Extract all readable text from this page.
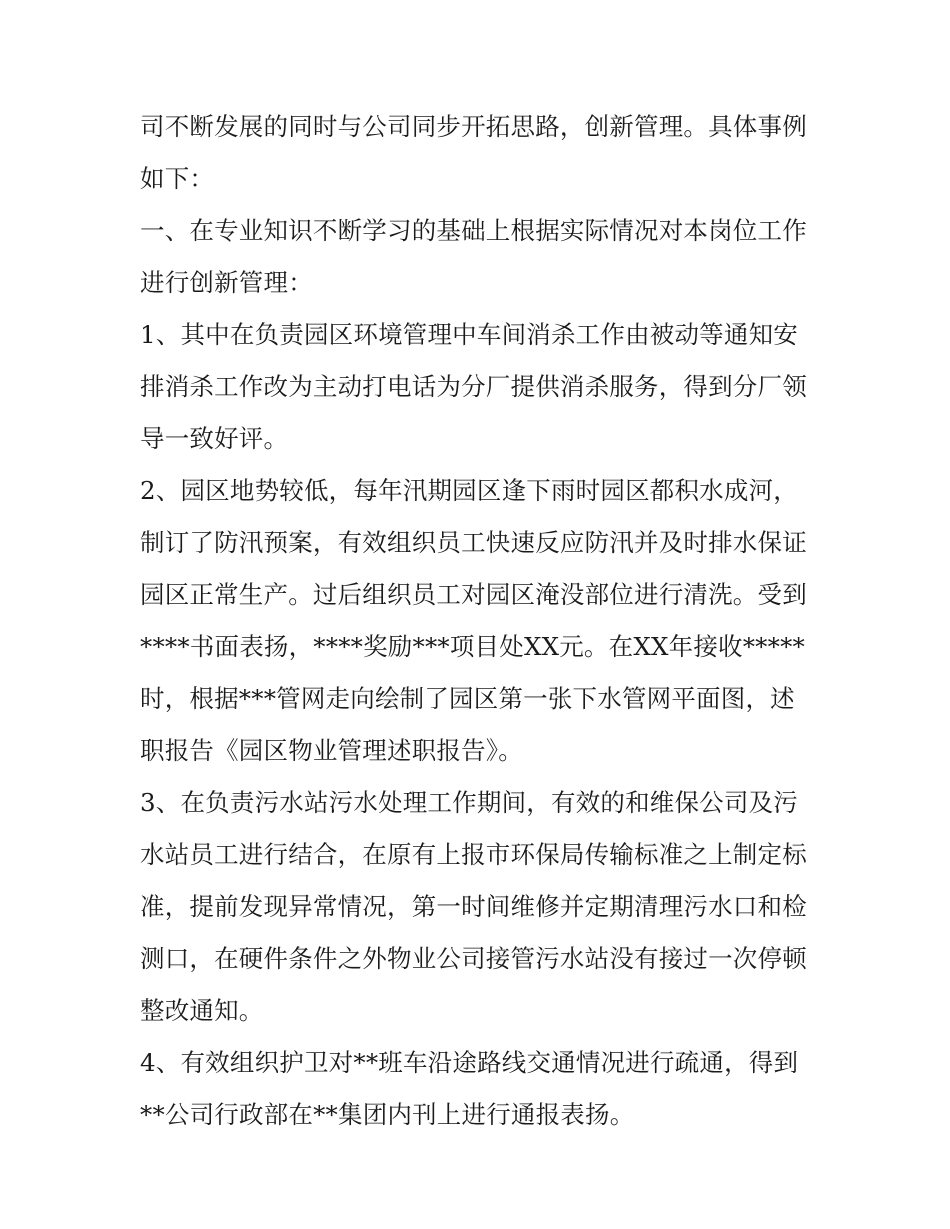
司不断发展的同时与公司同步开拓思路，创新管理。具体事例
如下：
一、在专业知识不断学习的基础上根据实际情况对本岗位工作
进行创新管理：
1、其中在负责园区环境管理中车间消杀工作由被动等通知安
排消杀工作改为主动打电话为分厂提供消杀服务，得到分厂领
导一致好评。
2、园区地势较低，每年汛期园区逢下雨时园区都积水成河，
制订了防汛预案，有效组织员工快速反应防汛并及时排水保证
园区正常生产。过后组织员工对园区淹没部位进行清洗。受到
****书面表扬，****奖励***项目处XX元。在XX年接收*****
时，根据***管网走向绘制了园区第一张下水管网平面图，述
职报告《园区物业管理述职报告》。
3、在负责污水站污水处理工作期间，有效的和维保公司及污
水站员工进行结合，在原有上报市环保局传输标准之上制定标
准，提前发现异常情况，第一时间维修并定期清理污水口和检
测口，在硬件条件之外物业公司接管污水站没有接过一次停顿
整改通知。
4、有效组织护卫对**班车沿途路线交通情况进行疏通，得到
**公司行政部在**集团内刊上进行通报表扬。
